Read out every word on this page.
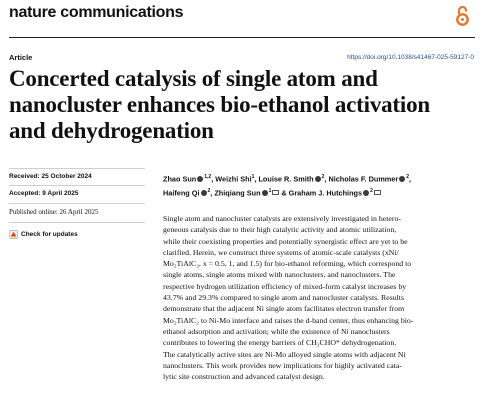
nature communications
Article	https://doi.org/10.1038/s41467-025-59127-0
Concerted catalysis of single atom and
nanocluster enhances bio-ethanol activation
and dehydrogenation
Received: 25 October 2024
Accepted: 9 April 2025
Published online: 26 April 2025
Check for updates
Zhao Sun $^{1,2}$, Weizhi Shi$^1$, Louise R. Smith $^2$, Nicholas F. Dummer $^2$,
Haifeng Qi $^2$, Zhiqiang Sun $^1$ & Graham J. Hutchings $^2$

Single atom and nanocluster catalysts are extensively investigated in hetero-
geneous catalysis due to their high catalytic activity and atomic utilization,
while their coexisting properties and potentially synergistic effect are yet to be
clarified. Herein, we construct three systems of atomic-scale catalysts (xNi/
Mo₂TiAlC₂, x = 0.5, 1, and 1.5) for bio-ethanol reforming, which correspond to
single atoms, single atoms mixed with nanoclusters, and nanoclusters. The
respective hydrogen utilization efficiency of mixed-form catalyst increases by
43.7% and 29.3% compared to single atom and nanocluster catalysts. Results
demonstrate that the adjacent Ni single atom facilitates electron transfer from
Mo₂TiAlC₂ to Ni-Mo interface and raises the d-band center, thus enhancing bio-
ethanol adsorption and activation; while the existence of Ni nanoclusters
contributes to lowering the energy barriers of CH₃CHO* dehydrogenation.
The catalytically active sites are Ni-Mo alloyed single atoms with adjacent Ni
nanoclusters. This work provides new implications for highly activated cata-
lytic site construction and advanced catalyst design.
